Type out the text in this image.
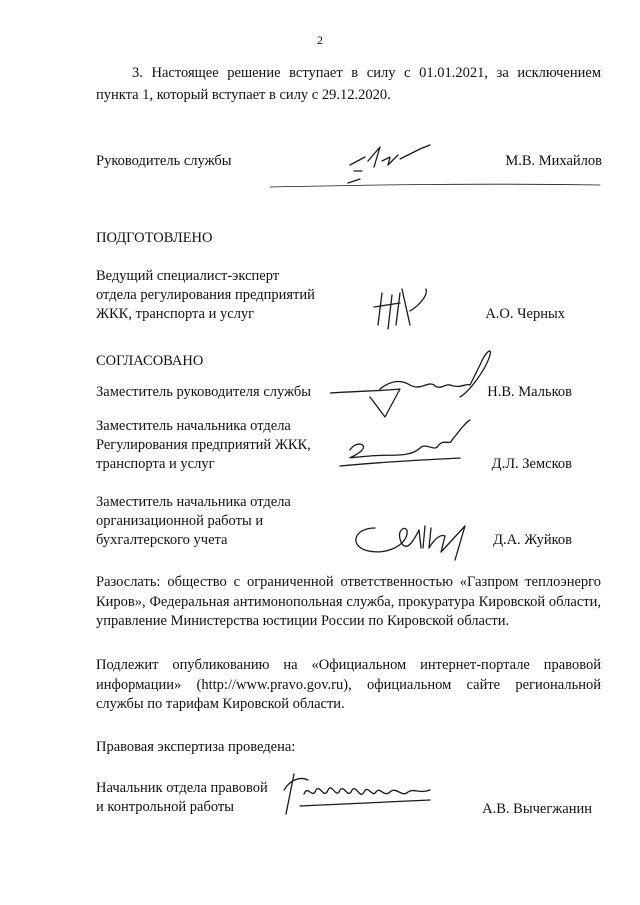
2
3. Настоящее решение вступает в силу с 01.01.2021, за исключением пункта 1, который вступает в силу с 29.12.2020.
Руководитель службы	М.В. Михайлов
ПОДГОТОВЛЕНО
Ведущий специалист-эксперт
отдела регулирования предприятий
ЖКК, транспорта и услуг	А.О. Черных
СОГЛАСОВАНО
Заместитель руководителя службы	Н.В. Мальков
Заместитель начальника отдела
Регулирования предприятий ЖКК,
транспорта и услуг	Д.Л. Земсков
Заместитель начальника отдела
организационной работы и
бухгалтерского учета	Д.А. Жуйков
Разослать: общество с ограниченной ответственностью «Газпром теплоэнерго Киров», Федеральная антимонопольная служба, прокуратура Кировской области, управление Министерства юстиции России по Кировской области.
Подлежит опубликованию на «Официальном интернет-портале правовой информации» (http://www.pravo.gov.ru), официальном сайте региональной службы по тарифам Кировской области.
Правовая экспертиза проведена:
Начальник отдела правовой
и контрольной работы	А.В. Вычегжанин
